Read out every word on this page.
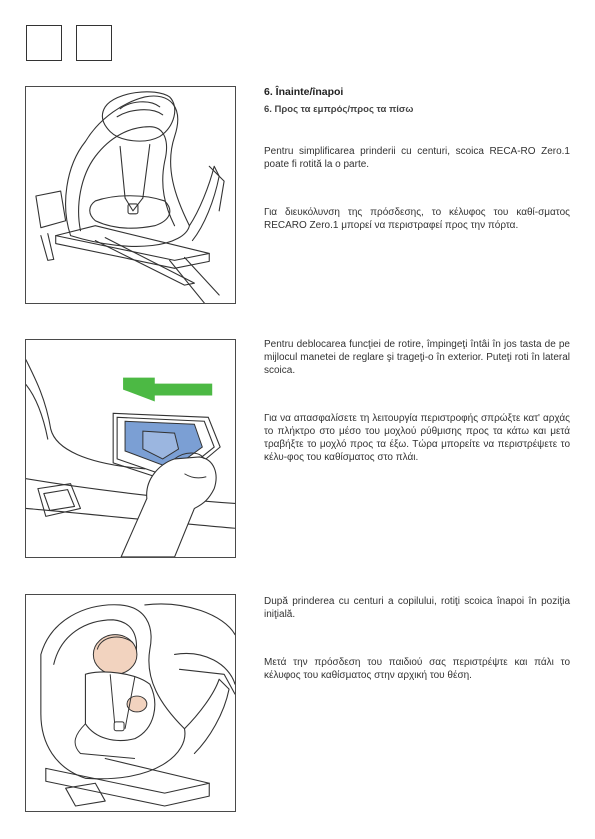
6. Înainte/înapoi
6. Προς τα εμπρός/προς τα πίσω

Pentru simplificarea prinderii cu centuri, scoica RECA-RO Zero.1 poate fi rotită la o parte.

Για διευκόλυνση της πρόσδεσης, το κέλυφος του καθί-σματος RECARO Zero.1 μπορεί να περιστραφεί προς την πόρτα.

Pentru deblocarea funcţiei de rotire, împingeţi întâi în jos tasta de pe mijlocul manetei de reglare şi trageţi-o în exterior. Puteţi roti în lateral scoica.

Για να απασφαλίσετε τη λειτουργία περιστροφής σπρώξτε κατ' αρχάς το πλήκτρο στο μέσο του μοχλού ρύθμισης προς τα κάτω και μετά τραβήξτε το μοχλό προς τα έξω. Τώρα μπορείτε να περιστρέψετε το κέλυ-φος του καθίσματος στο πλάι.

După prinderea cu centuri a copilului, rotiţi scoica înapoi în poziţia iniţială.

Μετά την πρόσδεση του παιδιού σας περιστρέψτε και πάλι το κέλυφος του καθίσματος στην αρχική του θέση.
